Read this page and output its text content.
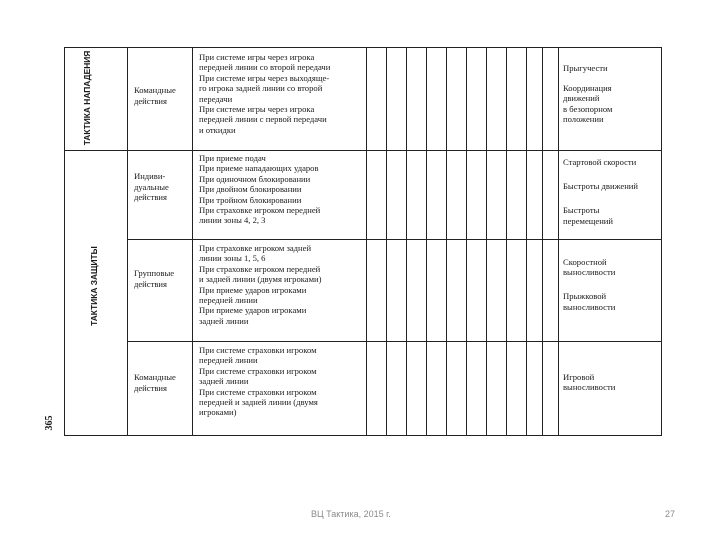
ТАКТИКА НАПАДЕНИЯ
ТАКТИКА ЗАЩИТЫ
365
Командные
действия
При системе игры через игрока
передней линии со второй передачи
При системе игры через выходяще-
го игрока задней линии со второй
передачи
При системе игры через игрока
передней линии с первой передачи
и откидки
Прыгучести
Координация
движений
в безопорном
положении
Индиви-
дуальные
действия
При приеме подач
При приеме нападающих ударов
При одиночном блокировании
При двойном блокировании
При тройном блокировании
При страховке игроком передней
линии зоны 4, 2, 3
Стартовой скорости
Быстроты движений
Быстроты
перемещений
Групповые
действия
При страховке игроком задней
линии зоны 1, 5, 6
При страховке игроком передней
и задней линии (двумя игроками)
При приеме ударов игроками
передней линии
При приеме ударов игроками
задней линии
Скоростной
выносливости
Прыжковой
выносливости
Командные
действия
При системе страховки игроком
передней линии
При системе страховки игроком
задней линии
При системе страховки игроком
передней и задней линии (двумя
игроками)
Игровой
выносливости
ВЦ Тактика, 2015 г.	27
